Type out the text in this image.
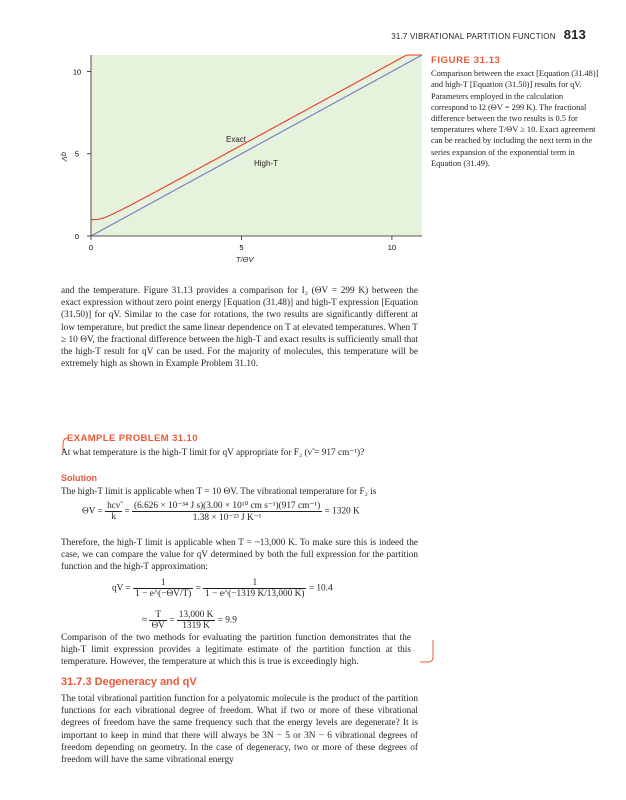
31.7 VIBRATIONAL PARTITION FUNCTION 813
0	5	10
0
5
10
Exact
High-T
T/ΘV
qV
FIGURE 31.13
Comparison between the exact [Equation (31.48)] and high-T [Equation (31.50)] results for qV. Parameters employed in the calculation correspond to I2 (ΘV = 299 K). The fractional difference between the two results is 0.5 for temperatures where T/ΘV ≥ 10. Exact agreement can be reached by including the next term in the series expansion of the exponential term in Equation (31.49).
and the temperature. Figure 31.13 provides a comparison for I₂ (ΘV = 299 K) between the exact expression without zero point energy [Equation (31.48)] and high-T expression [Equation (31.50)] for qV. Similar to the case for rotations, the two results are significantly different at low temperature, but predict the same linear dependence on T at elevated temperatures. When T ≥ 10 ΘV, the fractional difference between the high-T and exact results is sufficiently small that the high-T result for qV can be used. For the majority of molecules, this temperature will be extremely high as shown in Example Problem 31.10.
EXAMPLE PROBLEM 31.10
At what temperature is the high-T limit for qV appropriate for F₂ (ν̃ = 917 cm⁻¹)?
Solution
The high-T limit is applicable when T = 10 ΘV. The vibrational temperature for F₂ is
$\Theta V = \frac{\text{hcν̃}}{k} = \frac{\text{(6.626 × 10⁻³⁴ J s)(3.00 × 10¹⁰ cm s⁻¹)(917 cm⁻¹)}}{\text{1.38 × 10⁻²³ J K⁻¹}} = 1320$ K
Therefore, the high-T limit is applicable when T = ~13,000 K. To make sure this is indeed the case, we can compare the value for qV determined by both the full expression for the partition function and the high-T approximation:
qV = $\frac{1}{1 - e\^{}(-\Theta V/T)} = \frac{1}{1 - e\^{}(-1319 K/13,000 K)} = 10.4$
≈ $\frac{T}{\Theta V} = \frac{13,000 K}{1319 K} = 9.9$
Comparison of the two methods for evaluating the partition function demonstrates that the high-T limit expression provides a legitimate estimate of the partition function at this temperature. However, the temperature at which this is true is exceedingly high.
31.7.3 Degeneracy and qV
The total vibrational partition function for a polyatomic molecule is the product of the partition functions for each vibrational degree of freedom. What if two or more of these vibrational degrees of freedom have the same frequency such that the energy levels are degenerate? It is important to keep in mind that there will always be 3N − 5 or 3N − 6 vibrational degrees of freedom depending on geometry. In the case of degeneracy, two or more of these degrees of freedom will have the same vibrational energy
